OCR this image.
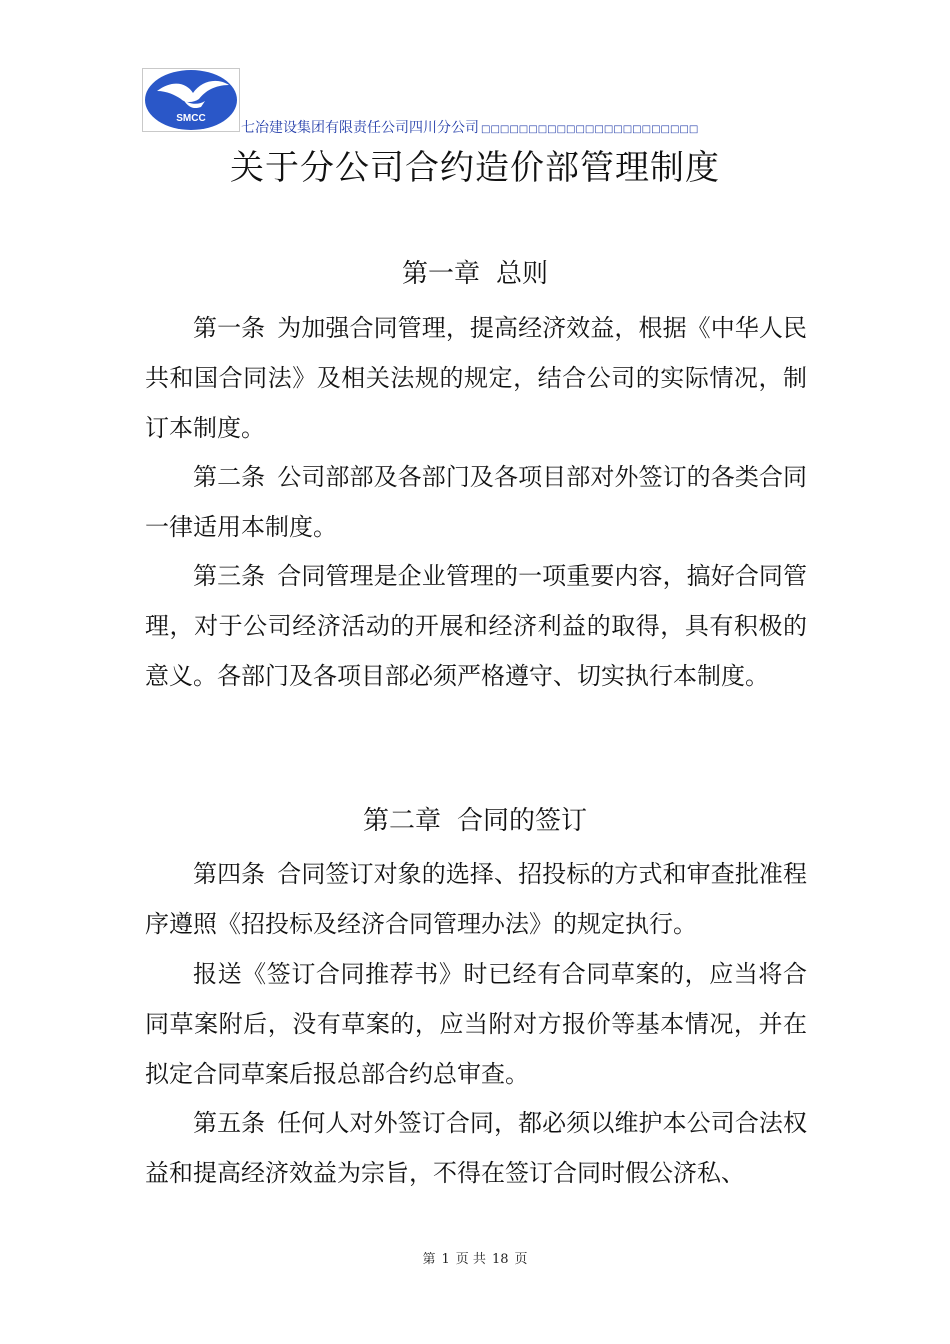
SMCC
七冶建设集团有限责任公司四川分公司 □□□□□□□□□□□□□□□□□□□□□□□
关于分公司合约造价部管理制度
第一章 总则
第一条 为加强合同管理，提高经济效益，根据《中华人民共和国合同法》及相关法规的规定，结合公司的实际情况，制订本制度。
第二条 公司部部及各部门及各项目部对外签订的各类合同一律适用本制度。
第三条 合同管理是企业管理的一项重要内容，搞好合同管理，对于公司经济活动的开展和经济利益的取得，具有积极的意义。各部门及各项目部必须严格遵守、切实执行本制度。
第二章 合同的签订
第四条 合同签订对象的选择、招投标的方式和审查批准程序遵照《招投标及经济合同管理办法》的规定执行。
报送《签订合同推荐书》时已经有合同草案的，应当将合同草案附后，没有草案的，应当附对方报价等基本情况，并在拟定合同草案后报总部合约总审查。
第五条 任何人对外签订合同，都必须以维护本公司合法权益和提高经济效益为宗旨，不得在签订合同时假公济私、
第 1 页 共 18 页
